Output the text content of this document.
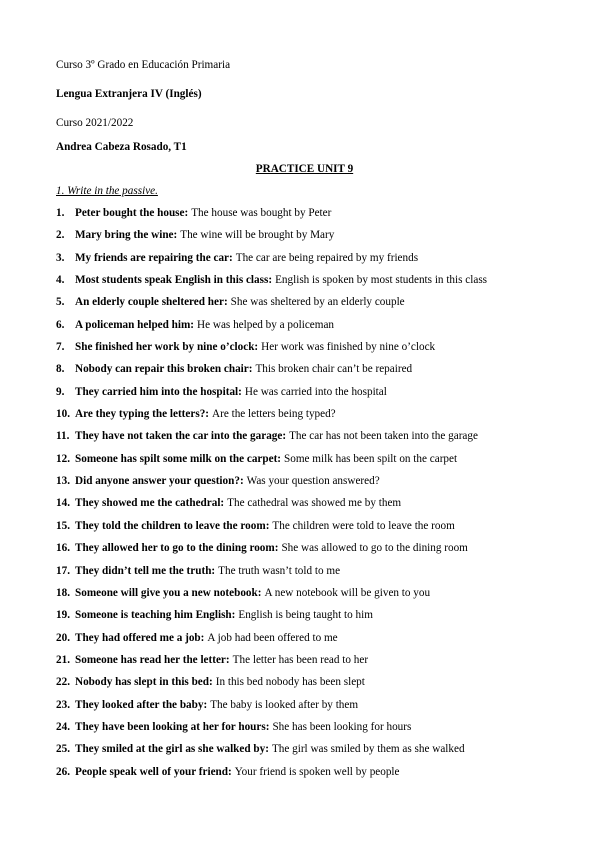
Curso 3º Grado en Educación Primaria
Lengua Extranjera IV (Inglés)
Curso 2021/2022
Andrea Cabeza Rosado, T1
PRACTICE UNIT 9
1. Write in the passive.
1. Peter bought the house: The house was bought by Peter
2. Mary bring the wine: The wine will be brought by Mary
3. My friends are repairing the car: The car are being repaired by my friends
4. Most students speak English in this class: English is spoken by most students in this class
5. An elderly couple sheltered her: She was sheltered by an elderly couple
6. A policeman helped him: He was helped by a policeman
7. She finished her work by nine o’clock: Her work was finished by nine o’clock
8. Nobody can repair this broken chair: This broken chair can’t be repaired
9. They carried him into the hospital: He was carried into the hospital
10. Are they typing the letters?: Are the letters being typed?
11. They have not taken the car into the garage: The car has not been taken into the garage
12. Someone has spilt some milk on the carpet: Some milk has been spilt on the carpet
13. Did anyone answer your question?: Was your question answered?
14. They showed me the cathedral: The cathedral was showed me by them
15. They told the children to leave the room: The children were told to leave the room
16. They allowed her to go to the dining room: She was allowed to go to the dining room
17. They didn’t tell me the truth: The truth wasn’t told to me
18. Someone will give you a new notebook: A new notebook will be given to you
19. Someone is teaching him English: English is being taught to him
20. They had offered me a job: A job had been offered to me
21. Someone has read her the letter: The letter has been read to her
22. Nobody has slept in this bed: In this bed nobody has been slept
23. They looked after the baby: The baby is looked after by them
24. They have been looking at her for hours: She has been looking for hours
25. They smiled at the girl as she walked by: The girl was smiled by them as she walked
26. People speak well of your friend: Your friend is spoken well by people
